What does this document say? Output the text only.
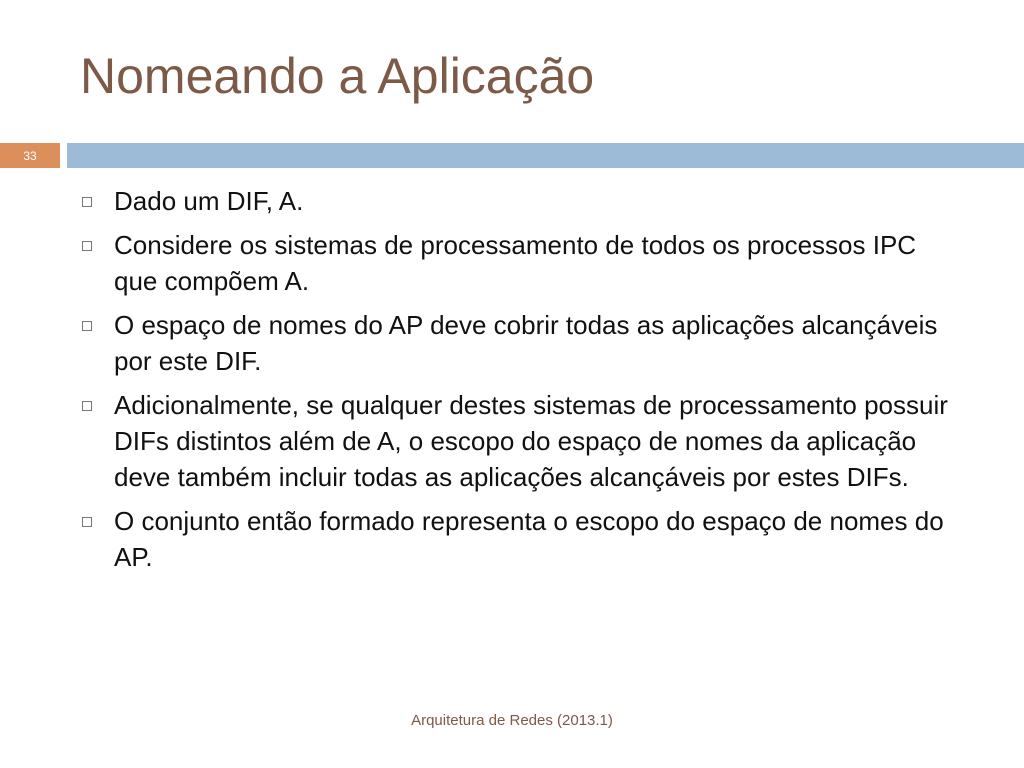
Nomeando a Aplicação
33
Dado um DIF, A.
Considere os sistemas de processamento de todos os processos IPC que compõem A.
O espaço de nomes do AP deve cobrir todas as aplicações alcançáveis por este DIF.
Adicionalmente, se qualquer destes sistemas de processamento possuir DIFs distintos além de A, o escopo do espaço de nomes da aplicação deve também incluir todas as aplicações alcançáveis por estes DIFs.
O conjunto então formado representa o escopo do espaço de nomes do AP.
Arquitetura de Redes (2013.1)
